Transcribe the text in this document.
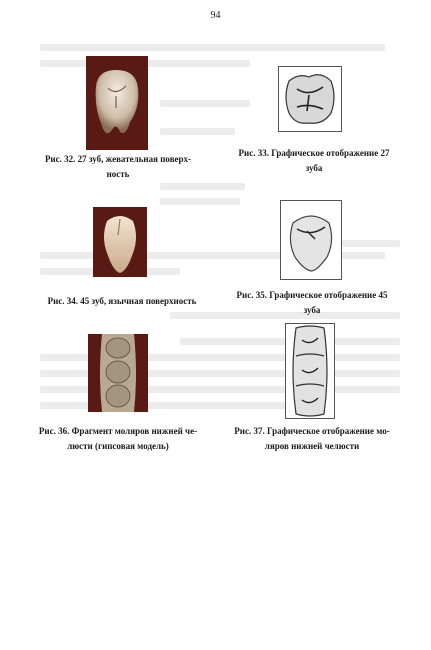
94
Рис. 32. 27 зуб, жевательная поверх-
ность
Рис. 33. Графическое отображение 27
зуба
Рис. 34. 45 зуб, язычная поверхность
Рис. 35. Графическое отображение 45
зуба
Рис. 36. Фрагмент моляров нижней че-
люсти (гипсовая модель)
Рис. 37. Графическое отображение мо-
ляров нижней челюсти
